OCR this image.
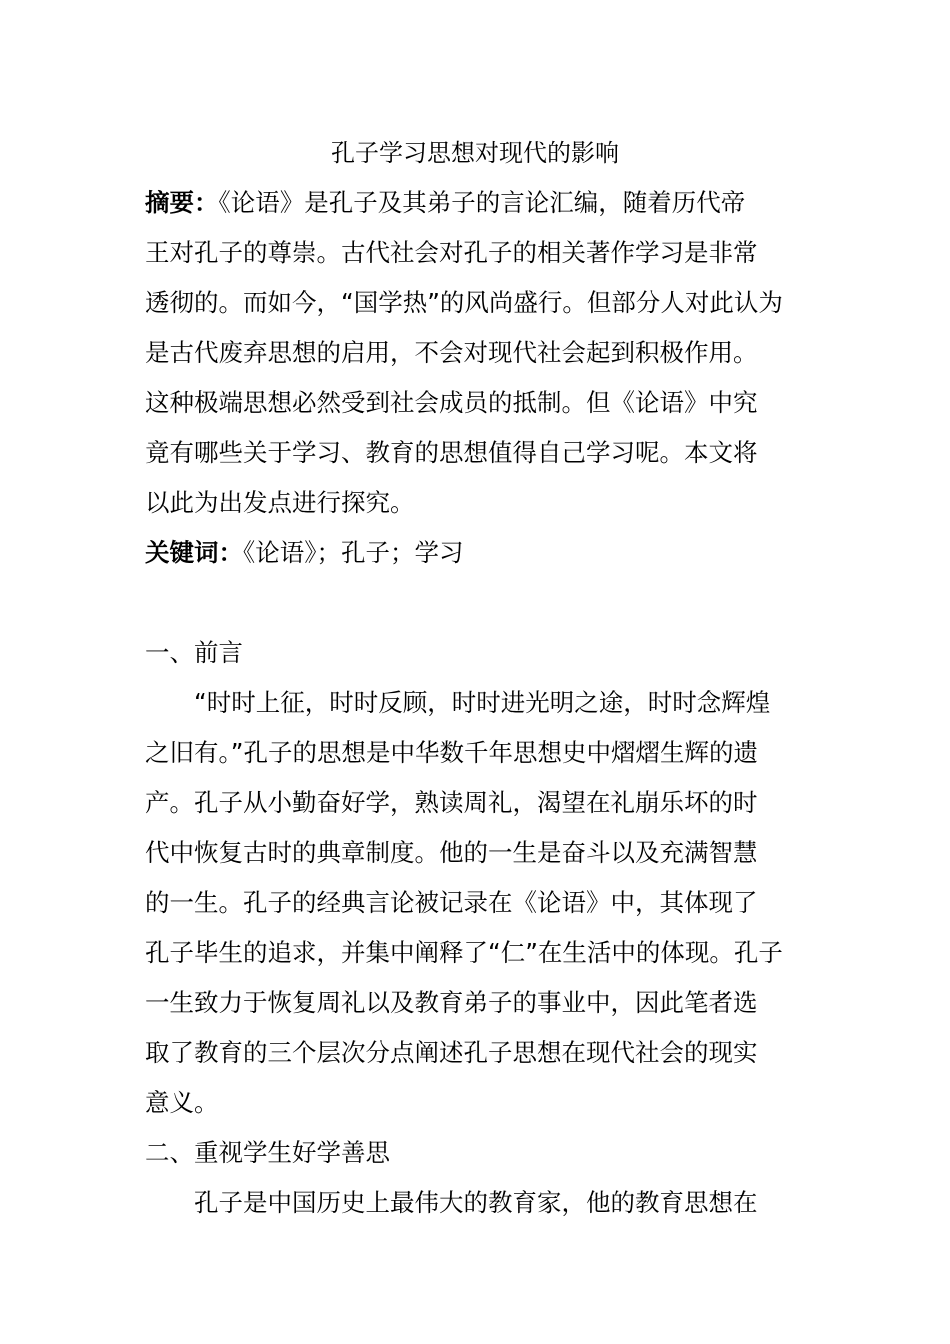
孔子学习思想对现代的影响

摘要：《论语》是孔子及其弟子的言论汇编，随着历代帝
王对孔子的尊崇。古代社会对孔子的相关著作学习是非常
透彻的。而如今，“国学热”的风尚盛行。但部分人对此认为
是古代废弃思想的启用，不会对现代社会起到积极作用。
这种极端思想必然受到社会成员的抵制。但《论语》中究
竟有哪些关于学习、教育的思想值得自己学习呢。本文将
以此为出发点进行探究。

关键词：《论语》；孔子；学习

一、前言

“时时上征，时时反顾，时时进光明之途，时时念辉煌
之旧有。”孔子的思想是中华数千年思想史中熠熠生辉的遗
产。孔子从小勤奋好学，熟读周礼，渴望在礼崩乐坏的时
代中恢复古时的典章制度。他的一生是奋斗以及充满智慧
的一生。孔子的经典言论被记录在《论语》中，其体现了
孔子毕生的追求，并集中阐释了“仁”在生活中的体现。孔子
一生致力于恢复周礼以及教育弟子的事业中，因此笔者选
取了教育的三个层次分点阐述孔子思想在现代社会的现实
意义。

二、重视学生好学善思

孔子是中国历史上最伟大的教育家，他的教育思想在
